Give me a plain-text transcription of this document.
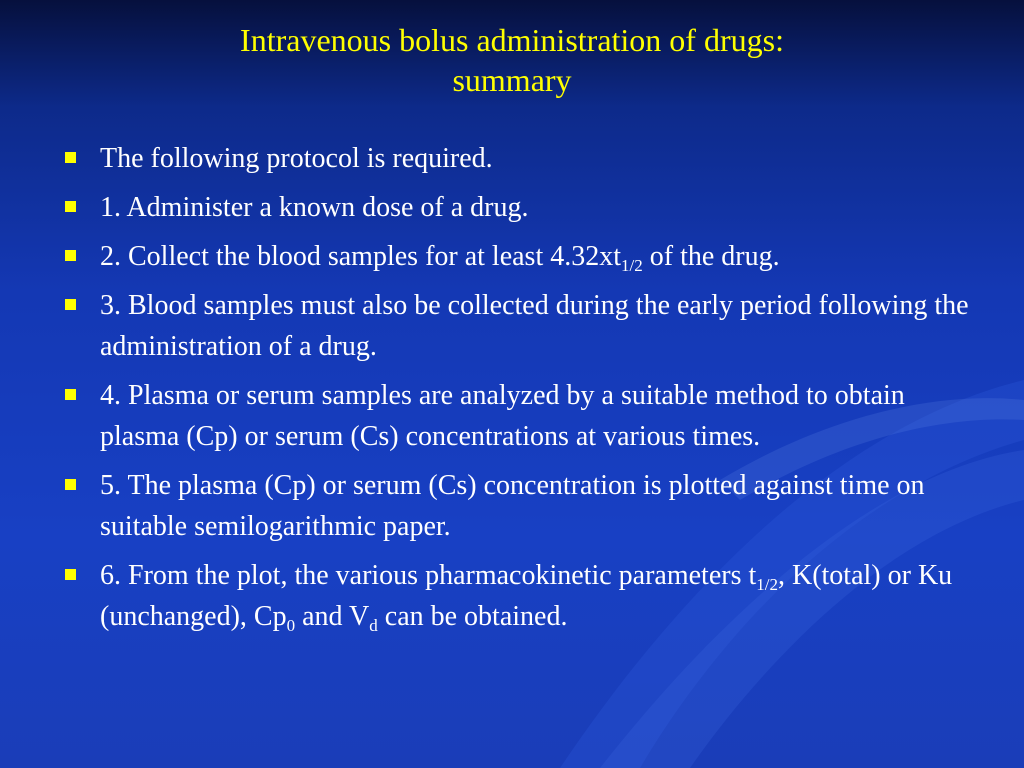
Intravenous bolus administration of drugs:
summary
The following protocol is required.
1. Administer a known dose of a drug.
2. Collect the blood samples for at least $4.32xt_{1/2}$ of the drug.
3. Blood samples must also be collected during the early period following the administration of a drug.
4. Plasma or serum samples are analyzed by a suitable method to obtain plasma (Cp) or serum (Cs) concentrations at various times.
5. The plasma (Cp) or serum (Cs) concentration is plotted against time on suitable semilogarithmic paper.
6. From the plot, the various pharmacokinetic parameters $t_{1/2}$, K(total) or Ku (unchanged), $Cp_0$ and $V_d$ can be obtained.
